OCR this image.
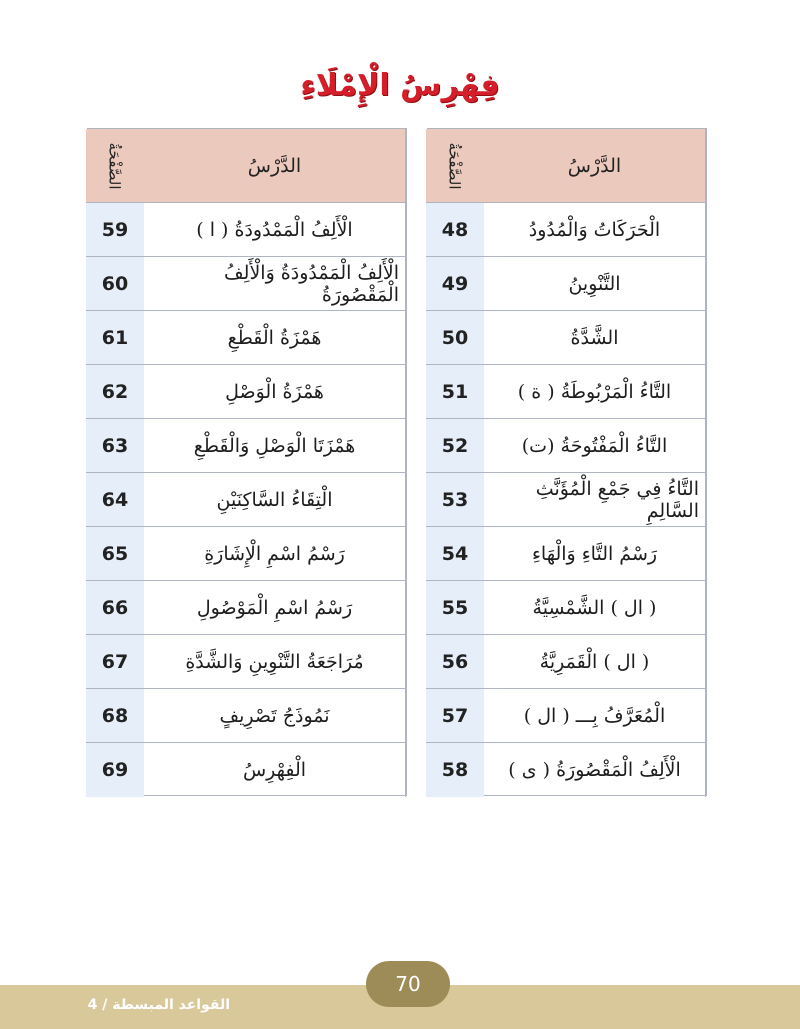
فِهْرِسُ الْإِمْلَاءِ
الدَّرْسُ
الصَّفْحَةُ
الْحَرَكَاتُ وَالْمُدُودُ
48
التَّنْوِينُ
49
الشَّدَّةُ
50
التَّاءُ الْمَرْبُوطَةُ ( ة )
51
التَّاءُ الْمَفْتُوحَةُ (ت)
52
التَّاءُ فِي جَمْعِ الْمُؤَنَّثِ السَّالِمِ
53
رَسْمُ التَّاءِ وَالْهَاءِ
54
( ال ) الشَّمْسِيَّةُ
55
( ال ) الْقَمَرِيَّةُ
56
الْمُعَرَّفُ بِـــ ( ال )
57
الْأَلِفُ الْمَقْصُورَةُ ( ى )
58
الدَّرْسُ
الصَّفْحَةُ
الْأَلِفُ الْمَمْدُودَةُ ( ا )
59
الْأَلِفُ الْمَمْدُودَةُ وَالْأَلِفُ الْمَقْصُورَةُ
60
هَمْزَةُ الْقَطْعِ
61
هَمْزَةُ الْوَصْلِ
62
هَمْزَتَا الْوَصْلِ وَالْقَطْعِ
63
الْتِقَاءُ السَّاكِنَيْنِ
64
رَسْمُ اسْمِ الْإِشَارَةِ
65
رَسْمُ اسْمِ الْمَوْصُولِ
66
مُرَاجَعَةُ التَّنْوِينِ وَالشَّدَّةِ
67
نَمُوذَجُ تَصْرِيفٍ
68
الْفِهْرِسُ
69
القواعد المبسطة / 4
70
